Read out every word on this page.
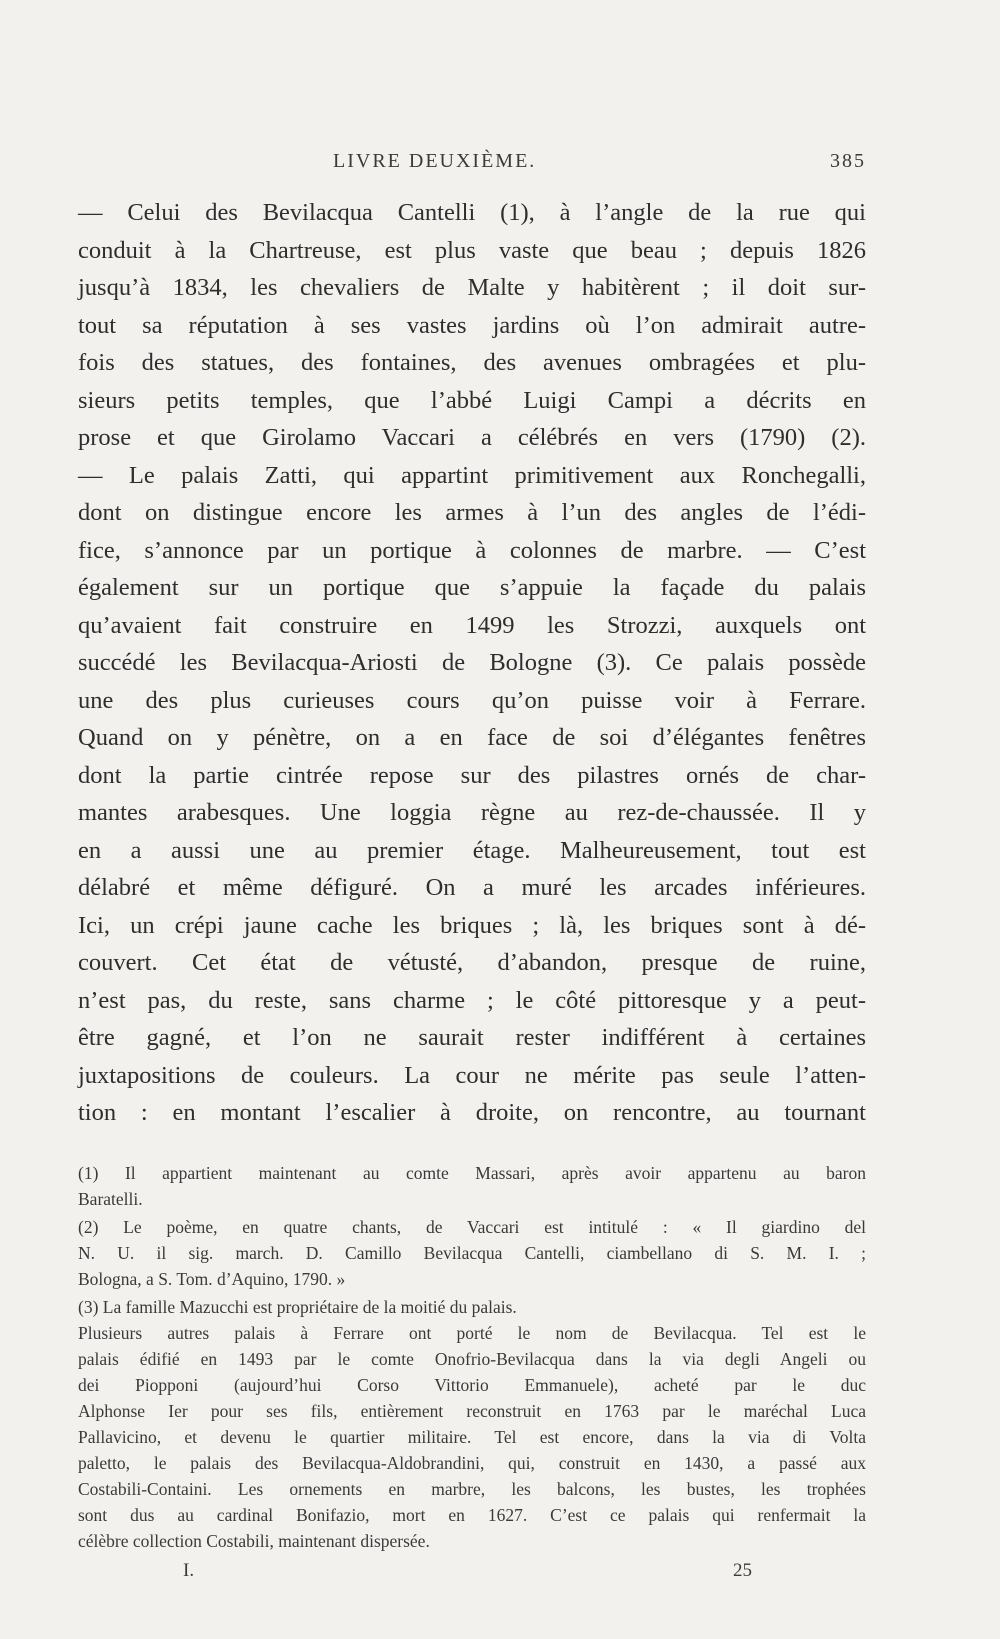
LIVRE DEUXIÈME.	385
— Celui des Bevilacqua Cantelli (1), à l’angle de la rue qui
conduit à la Chartreuse, est plus vaste que beau ; depuis 1826
jusqu’à 1834, les chevaliers de Malte y habitèrent ; il doit sur-
tout sa réputation à ses vastes jardins où l’on admirait autre-
fois des statues, des fontaines, des avenues ombragées et plu-
sieurs petits temples, que l’abbé Luigi Campi a décrits en
prose et que Girolamo Vaccari a célébrés en vers (1790) (2).
— Le palais Zatti, qui appartint primitivement aux Ronchegalli,
dont on distingue encore les armes à l’un des angles de l’édi-
fice, s’annonce par un portique à colonnes de marbre. — C’est
également sur un portique que s’appuie la façade du palais
qu’avaient fait construire en 1499 les Strozzi, auxquels ont
succédé les Bevilacqua-Ariosti de Bologne (3). Ce palais possède
une des plus curieuses cours qu’on puisse voir à Ferrare.
Quand on y pénètre, on a en face de soi d’élégantes fenêtres
dont la partie cintrée repose sur des pilastres ornés de char-
mantes arabesques. Une loggia règne au rez-de-chaussée. Il y
en a aussi une au premier étage. Malheureusement, tout est
délabré et même défiguré. On a muré les arcades inférieures.
Ici, un crépi jaune cache les briques ; là, les briques sont à dé-
couvert. Cet état de vétusté, d’abandon, presque de ruine,
n’est pas, du reste, sans charme ; le côté pittoresque y a peut-
être gagné, et l’on ne saurait rester indifférent à certaines
juxtapositions de couleurs. La cour ne mérite pas seule l’atten-
tion : en montant l’escalier à droite, on rencontre, au tournant
(1) Il appartient maintenant au comte Massari, après avoir appartenu au baron
Baratelli.
(2) Le poème, en quatre chants, de Vaccari est intitulé : « Il giardino del
N. U. il sig. march. D. Camillo Bevilacqua Cantelli, ciambellano di S. M. I. ;
Bologna, a S. Tom. d’Aquino, 1790. »
(3) La famille Mazucchi est propriétaire de la moitié du palais.
Plusieurs autres palais à Ferrare ont porté le nom de Bevilacqua. Tel est le
palais édifié en 1493 par le comte Onofrio-Bevilacqua dans la via degli Angeli ou
dei Piopponi (aujourd’hui Corso Vittorio Emmanuele), acheté par le duc
Alphonse Ier pour ses fils, entièrement reconstruit en 1763 par le maréchal Luca
Pallavicino, et devenu le quartier militaire. Tel est encore, dans la via di Volta
paletto, le palais des Bevilacqua-Aldobrandini, qui, construit en 1430, a passé aux
Costabili-Containi. Les ornements en marbre, les balcons, les bustes, les trophées
sont dus au cardinal Bonifazio, mort en 1627. C’est ce palais qui renfermait la
célèbre collection Costabili, maintenant dispersée.
I.	25
